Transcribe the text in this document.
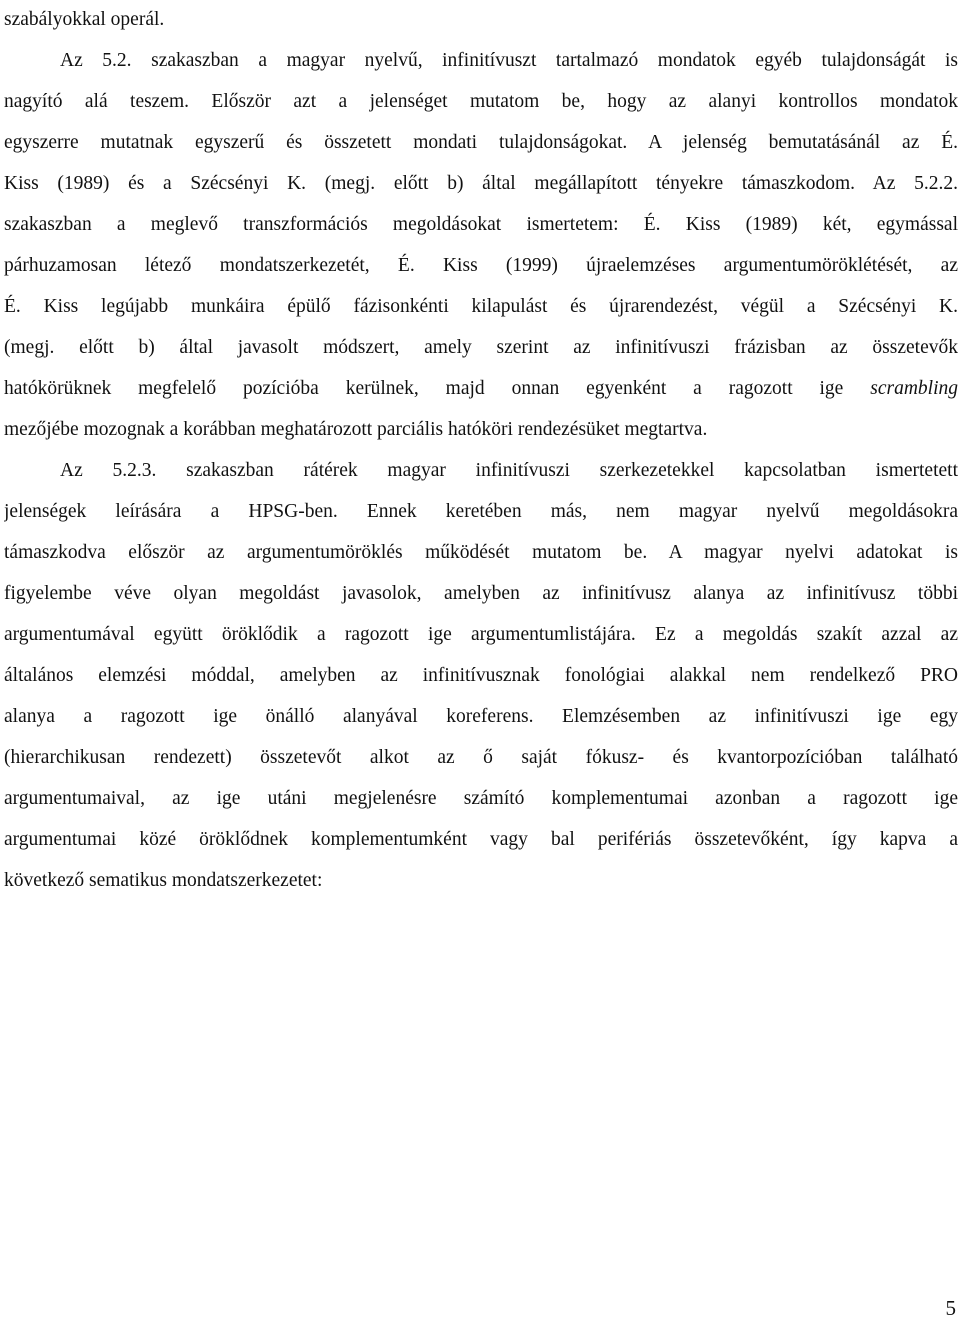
szabályokkal operál.
Az 5.2. szakaszban a magyar nyelvű, infinitívuszt tartalmazó mondatok egyéb tulajdonságát is
nagyító alá teszem. Először azt a jelenséget mutatom be, hogy az alanyi kontrollos mondatok
egyszerre mutatnak egyszerű és összetett mondati tulajdonságokat. A jelenség bemutatásánál az É.
Kiss (1989) és a Szécsényi K. (megj. előtt b) által megállapított tényekre támaszkodom. Az 5.2.2.
szakaszban a meglevő transzformációs megoldásokat ismertetem: É. Kiss (1989) két, egymással
párhuzamosan létező mondatszerkezetét, É. Kiss (1999) újraelemzéses argumentumöröklétését, az
É. Kiss legújabb munkáira épülő fázisonkénti kilapulást és újrarendezést, végül a Szécsényi K.
(megj. előtt b) által javasolt módszert, amely szerint az infinitívuszi frázisban az összetevők
hatókörüknek megfelelő pozícióba kerülnek, majd onnan egyenként a ragozott ige scrambling
mezőjébe mozognak a korábban meghatározott parciális hatóköri rendezésüket megtartva.
Az 5.2.3. szakaszban rátérek magyar infinitívuszi szerkezetekkel kapcsolatban ismertetett
jelenségek leírására a HPSG-ben. Ennek keretében más, nem magyar nyelvű megoldásokra
támaszkodva először az argumentumöröklés működését mutatom be. A magyar nyelvi adatokat is
figyelembe véve olyan megoldást javasolok, amelyben az infinitívusz alanya az infinitívusz többi
argumentumával együtt öröklődik a ragozott ige argumentumlistájára. Ez a megoldás szakít azzal az
általános elemzési móddal, amelyben az infinitívusznak fonológiai alakkal nem rendelkező PRO
alanya a ragozott ige önálló alanyával koreferens. Elemzésemben az infinitívuszi ige egy
(hierarchikusan rendezett) összetevőt alkot az ő saját fókusz- és kvantorpozícióban található
argumentumaival, az ige utáni megjelenésre számító komplementumai azonban a ragozott ige
argumentumai közé öröklődnek komplementumként vagy bal perifériás összetevőként, így kapva a
következő sematikus mondatszerkezetet:
5
